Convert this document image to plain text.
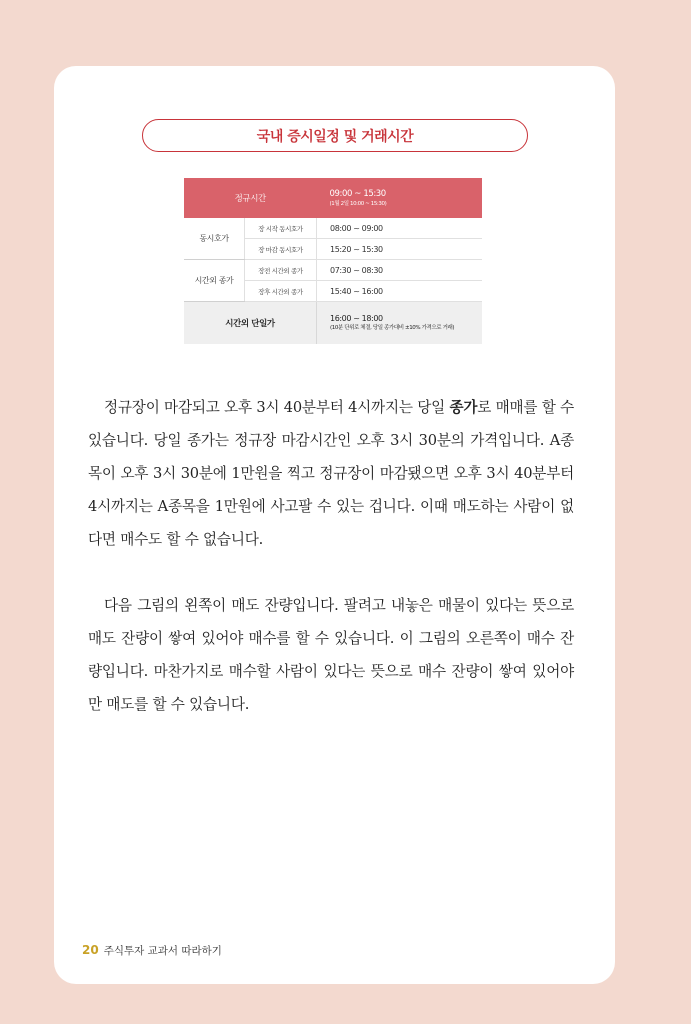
국내 증시일정 및 거래시간
정규시간		09:00 ~ 15:30
(1월 2일 10:00 ~ 15:30)

동시호가	장 시작 동시호가	08:00 ~ 09:00
	장 마감 동시호가	15:20 ~ 15:30
시간외 종가	장전 시간외 종가	07:30 ~ 08:30
	장후 시간외 종가	15:40 ~ 16:00
시간외 단일가		16:00 ~ 18:00
(10분 단위로 체결, 당일 종가대비 ±10% 가격으로 거래)

정규장이 마감되고 오후 3시 40분부터 4시까지는 당일 종가로 매매를 할 수 있습니다. 당일 종가는 정규장 마감시간인 오후 3시 30분의 가격입니다. A종목이 오후 3시 30분에 1만원을 찍고 정규장이 마감됐으면 오후 3시 40분부터 4시까지는 A종목을 1만원에 사고팔 수 있는 겁니다. 이때 매도하는 사람이 없다면 매수도 할 수 없습니다.

다음 그림의 왼쪽이 매도 잔량입니다. 팔려고 내놓은 매물이 있다는 뜻으로 매도 잔량이 쌓여 있어야 매수를 할 수 있습니다. 이 그림의 오른쪽이 매수 잔량입니다. 마찬가지로 매수할 사람이 있다는 뜻으로 매수 잔량이 쌓여 있어야만 매도를 할 수 있습니다.

20 주식투자 교과서 따라하기
